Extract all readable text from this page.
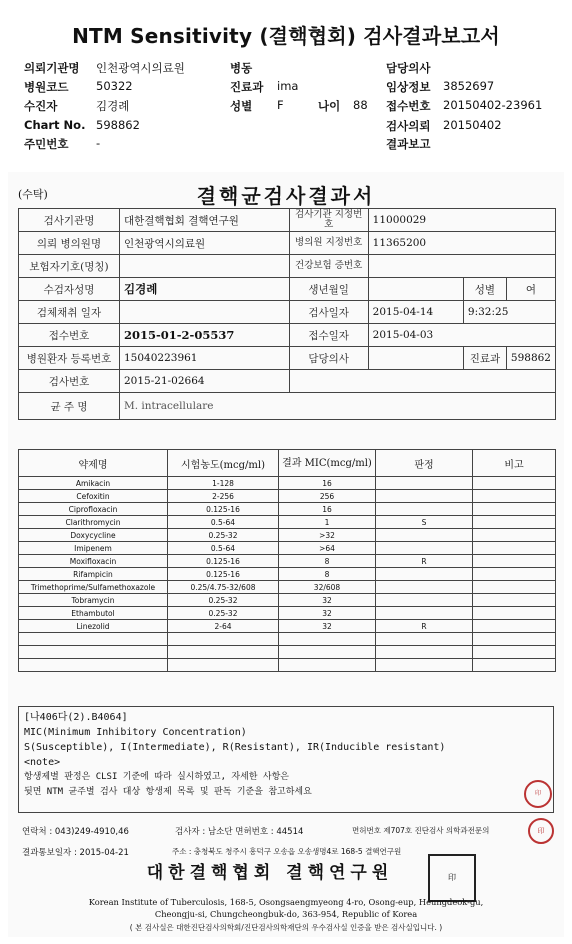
NTM Sensitivity (결핵협회) 검사결과보고서
의뢰기관명 인천광역시의료원	병동	담당의사
병원코드 50322	진료과 ima	임상정보 3852697
수진자	김경례	성별 F	나이 88 접수번호 20150402-23961
Chart No. 598862	검사의뢰 20150402
주민번호 -	결과보고
(수탁)	결핵균검사결과서
검사기관명	대한결핵협회 결핵연구원	검사기관 지정번호	11000029		
의뢰 병의원명	인천광역시의료원	병의원 지정번호	11365200		
보험자기호(명칭)		건강보험 증번호			
수검자성명	김경례	생년월일		성별	여
검체채취 일자		검사일자	2015-04-14	9:32:25	
접수번호	2015-01-2-05537	접수일자	2015-04-03		
병원환자 등록번호	15040223961	담당의사		진료과	598862
검사번호	2015-21-02664				
균 주 명	M. intracellulare				
약제명	시험농도(mcg/ml)	결과 MIC(mcg/ml)	판정	비고
Amikacin	1-128	16		
Cefoxitin	2-256	256		
Ciprofloxacin	0.125-16	16		
Clarithromycin	0.5-64	1	S	
Doxycycline	0.25-32	>32		
Imipenem	0.5-64	>64		
Moxifloxacin	0.125-16	8	R	
Rifampicin	0.125-16	8		
Trimethoprime/Sulfamethoxazole	0.25/4.75-32/608	32/608		
Tobramycin	0.25-32	32		
Ethambutol	0.25-32	32		
Linezolid	2-64	32	R	

[나406다(2).B4064]
MIC(Minimum Inhibitory Concentration)
S(Susceptible), I(Intermediate), R(Resistant), IR(Inducible resistant)
<note>
항생제별 판정은 CLSI 기준에 따라 실시하였고, 자세한 사항은
뒷면 NTM 균주별 검사 대상 항생제 목록 및 판독 기준을 참고하세요	印
연락처 : 043)249-4910,46	검사자 : 남소단 면허번호 : 44514	면허번호 제707호 진단검사 의학과전문의	印
결과통보일자 : 2015-04-21	주소 : 충청북도 청주시 흥덕구 오송읍 오송생명4로 168-5 결핵연구원
대한결핵협회 결핵연구원	印
Korean Institute of Tuberculosis, 168-5, Osongsaengmyeong 4-ro, Osong-eup, Heungdeok-gu,
Cheongju-si, Chungcheongbuk-do, 363-954, Republic of Korea
( 본 검사실은 대한진단검사의학회/진단검사의학재단의 우수검사실 인증을 받은 검사실입니다. )
